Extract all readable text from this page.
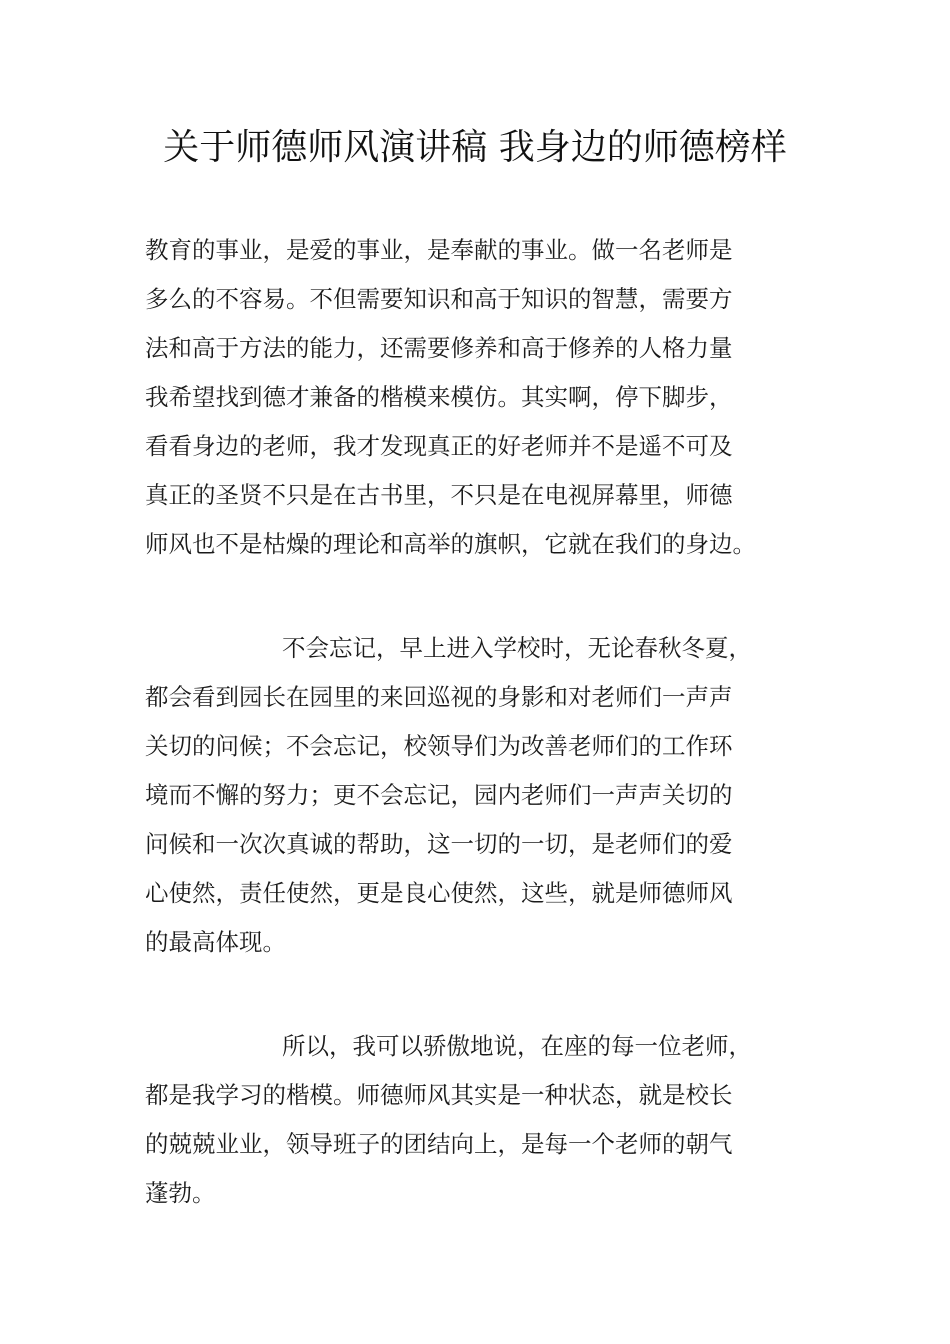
关于师德师风演讲稿 我身边的师德榜样
教育的事业，是爱的事业，是奉献的事业。做一名老师是
多么的不容易。不但需要知识和高于知识的智慧，需要方
法和高于方法的能力，还需要修养和高于修养的人格力量
我希望找到德才兼备的楷模来模仿。其实啊，停下脚步，
看看身边的老师，我才发现真正的好老师并不是遥不可及
真正的圣贤不只是在古书里，不只是在电视屏幕里，师德
师风也不是枯燥的理论和高举的旗帜，它就在我们的身边。
不会忘记，早上进入学校时，无论春秋冬夏，
都会看到园长在园里的来回巡视的身影和对老师们一声声
关切的问候；不会忘记，校领导们为改善老师们的工作环
境而不懈的努力；更不会忘记，园内老师们一声声关切的
问候和一次次真诚的帮助，这一切的一切，是老师们的爱
心使然，责任使然，更是良心使然，这些，就是师德师风
的最高体现。
所以，我可以骄傲地说，在座的每一位老师，
都是我学习的楷模。师德师风其实是一种状态，就是校长
的兢兢业业，领导班子的团结向上，是每一个老师的朝气
蓬勃。
